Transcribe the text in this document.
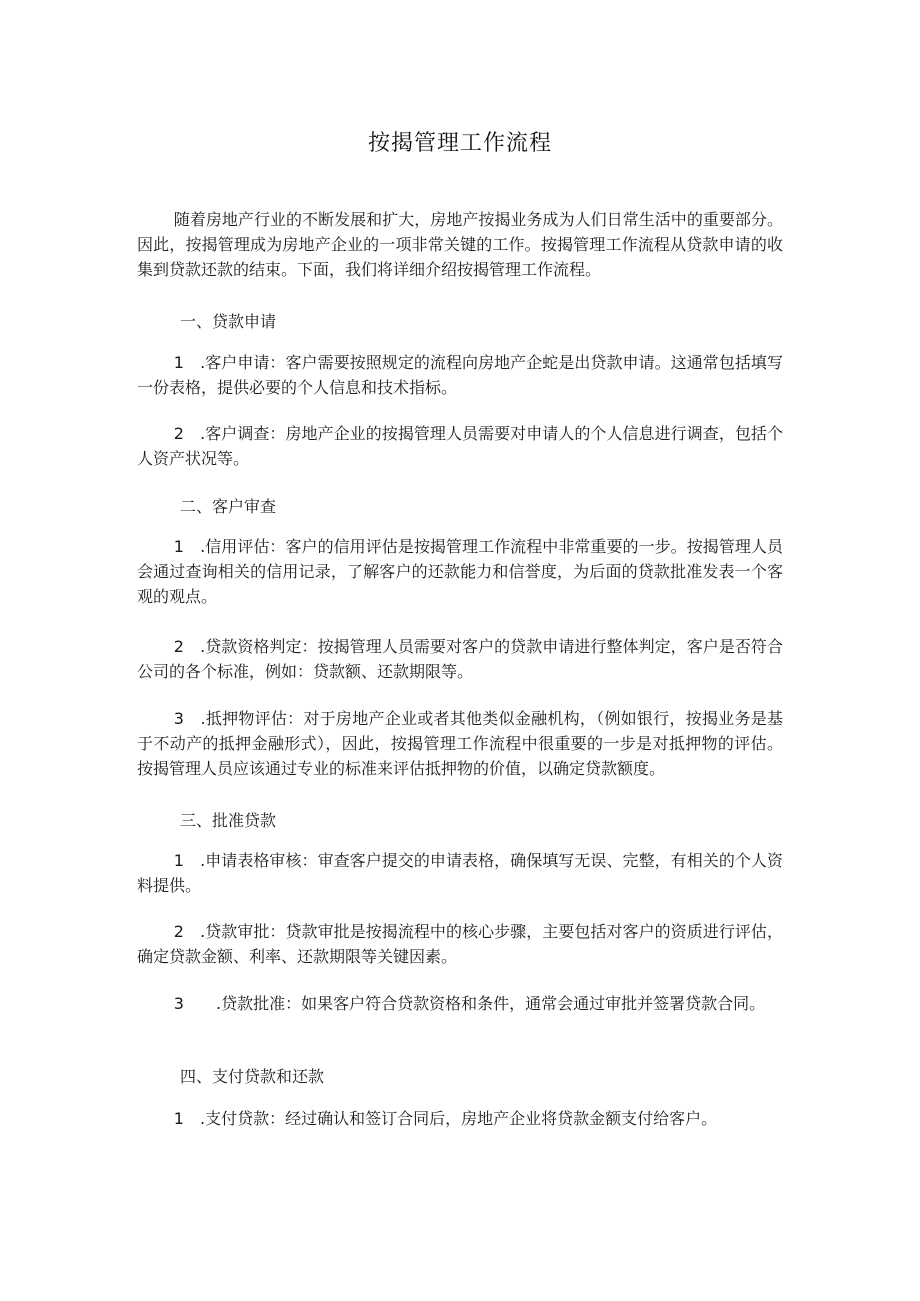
按揭管理工作流程

随着房地产行业的不断发展和扩大，房地产按揭业务成为人们日常生活中的重要部分。因此，按揭管理成为房地产企业的一项非常关键的工作。按揭管理工作流程从贷款申请的收集到贷款还款的结束。下面，我们将详细介绍按揭管理工作流程。

一、贷款申请

1　.客户申请：客户需要按照规定的流程向房地产企蛇是出贷款申请。这通常包括填写一份表格，提供必要的个人信息和技术指标。

2　.客户调查：房地产企业的按揭管理人员需要对申请人的个人信息进行调查，包括个人资产状况等。

二、客户审查

1　.信用评估：客户的信用评估是按揭管理工作流程中非常重要的一步。按揭管理人员会通过查询相关的信用记录，了解客户的还款能力和信誉度，为后面的贷款批准发表一个客观的观点。

2　.贷款资格判定：按揭管理人员需要对客户的贷款申请进行整体判定，客户是否符合公司的各个标准，例如：贷款额、还款期限等。

3　.抵押物评估：对于房地产企业或者其他类似金融机构，（例如银行，按揭业务是基于不动产的抵押金融形式），因此，按揭管理工作流程中很重要的一步是对抵押物的评估。按揭管理人员应该通过专业的标准来评估抵押物的价值，以确定贷款额度。

三、批准贷款

1　.申请表格审核：审查客户提交的申请表格，确保填写无误、完整，有相关的个人资料提供。

2　.贷款审批：贷款审批是按揭流程中的核心步骤，主要包括对客户的资质进行评估，确定贷款金额、利率、还款期限等关键因素。

3　　.贷款批准：如果客户符合贷款资格和条件，通常会通过审批并签署贷款合同。

四、支付贷款和还款

1　.支付贷款：经过确认和签订合同后，房地产企业将贷款金额支付给客户。
